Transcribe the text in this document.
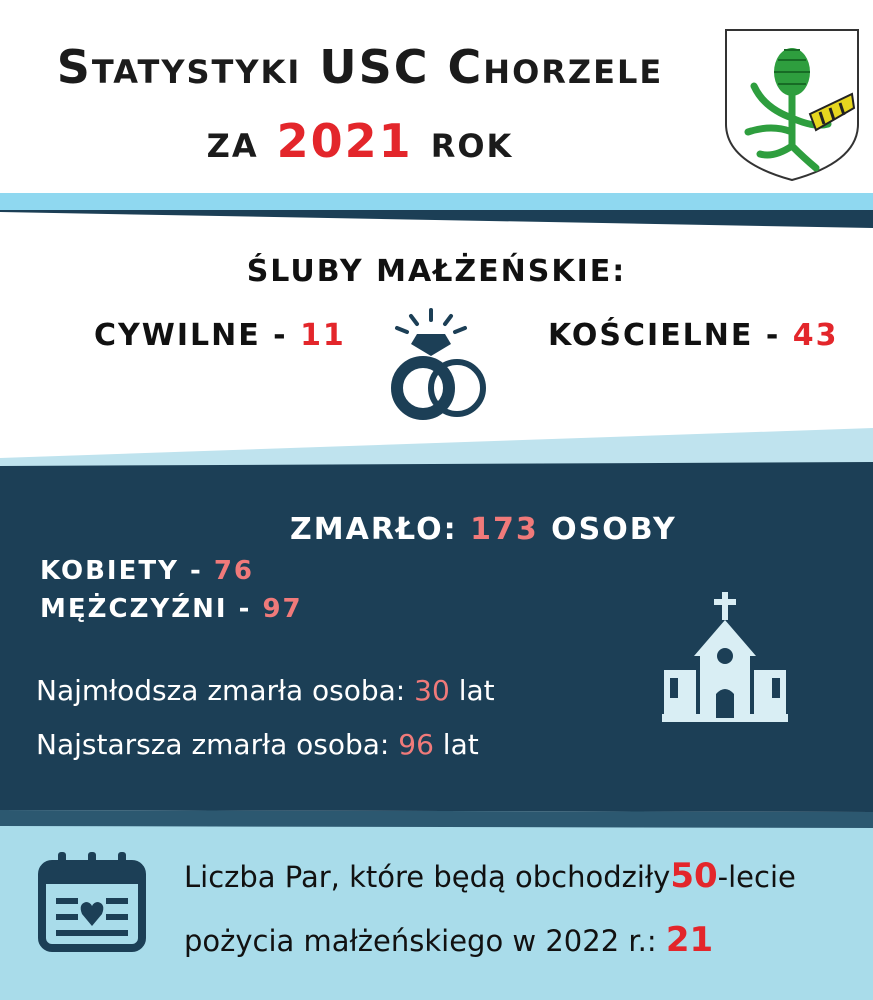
Statystyki USC Chorzele
za 2021 rok
ŚLUBY MAŁŻEŃSKIE:
CYWILNE - 11	KOŚCIELNE - 43
ZMARŁO: 173 OSOBY
KOBIETY - 76
MĘŻCZYŹNI - 97
Najmłodsza zmarła osoba: 30 lat
Najstarsza zmarła osoba: 96 lat
Liczba Par, które będą obchodziły50-lecie
pożycia małżeńskiego w 2022 r.: 21
